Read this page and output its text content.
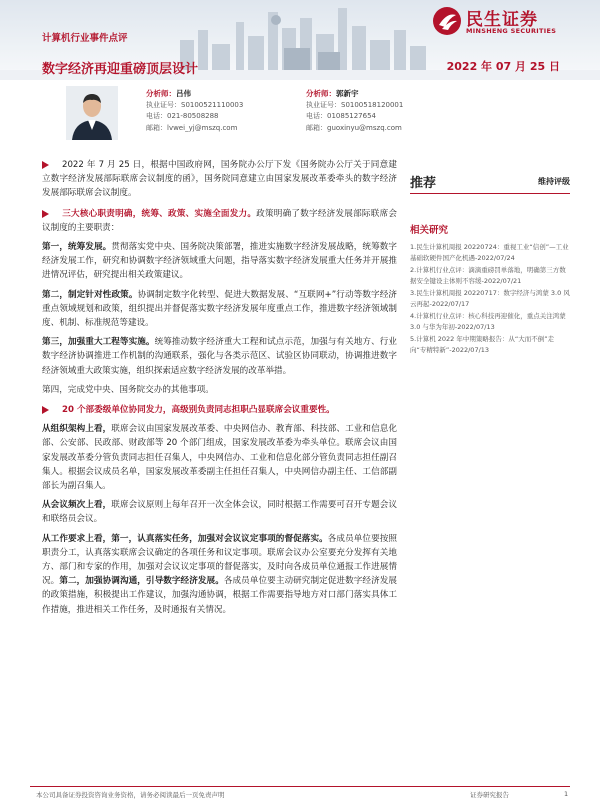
计算机行业事件点评
数字经济再迎重磅顶层设计	2022 年 07 月 25 日
民生证券
MINSHENG SECURITIES
分析师：吕伟
执业证号：S0100521110003
电话：021-80508288
邮箱：lvwei_yj@mszq.com
分析师：郭新宇
执业证号：S0100518120001
电话：01085127654
邮箱：guoxinyu@mszq.com

2022 年 7 月 25 日，根据中国政府网，国务院办公厅下发《国务院办公厅关于同意建立数字经济发展部际联席会议制度的函》，国务院同意建立由国家发展改革委牵头的数字经济发展部际联席会议制度。

三大核心职责明确，统筹、政策、实施全面发力。政策明确了数字经济发展部际联席会议制度的主要职责：

第一，统筹发展。贯彻落实党中央、国务院决策部署，推进实施数字经济发展战略，统筹数字经济发展工作，研究和协调数字经济领域重大问题，指导落实数字经济发展重大任务并开展推进情况评估，研究提出相关政策建议。

第二，制定针对性政策。协调制定数字化转型、促进大数据发展、“互联网+”行动等数字经济重点领域规划和政策，组织提出并督促落实数字经济发展年度重点工作，推进数字经济领域制度、机制、标准规范等建设。

第三，加强重大工程等实施。统筹推动数字经济重大工程和试点示范，加强与有关地方、行业数字经济协调推进工作机制的沟通联系，强化与各类示范区、试验区协同联动，协调推进数字经济领域重大政策实施，组织探索适应数字经济发展的改革举措。

第四，完成党中央、国务院交办的其他事项。

20 个部委级单位协同发力，高级别负责同志担职凸显联席会议重要性。

从组织架构上看，联席会议由国家发展改革委、中央网信办、教育部、科技部、工业和信息化部、公安部、民政部、财政部等 20 个部门组成，国家发展改革委为牵头单位。联席会议由国家发展改革委分管负责同志担任召集人，中央网信办、工业和信息化部分管负责同志担任副召集人。根据会议成员名单，国家发展改革委副主任担任召集人，中央网信办副主任、工信部副部长为副召集人。

从会议频次上看，联席会议原则上每年召开一次全体会议，同时根据工作需要可召开专题会议和联络员会议。

从工作要求上看，第一，认真落实任务，加强对会议议定事项的督促落实。各成员单位要按照职责分工，认真落实联席会议确定的各项任务和议定事项。联席会议办公室要充分发挥有关地方、部门和专家的作用，加强对会议议定事项的督促落实，及时向各成员单位通报工作进展情况。第二，加强协调沟通，引导数字经济发展。各成员单位要主动研究制定促进数字经济发展的政策措施，积极提出工作建议，加强沟通协调，根据工作需要指导地方对口部门落实具体工作措施，推进相关工作任务，及时通报有关情况。

推荐	维持评级
相关研究
1.民生计算机周报 20220724：重视工业“信创”—工业基础软硬件国产化机遇-2022/07/24
2.计算机行业点评：滴滴重磅罚单落地，明确第三方数据安全键设主体则不容缓-2022/07/21
3.民生计算机周报 20220717：数字经济与鸿蒙 3.0 风云再起-2022/07/17
4.计算机行业点评：核心科技再迎催化，重点关注鸿蒙 3.0 与华为年初-2022/07/13
5.计算机 2022 年中期策略报告：从“大而不倒”走向“专精特新”-2022/07/13
本公司具备证券投资咨询业务资格，请务必阅读最后一页免责声明	证券研究报告	1
